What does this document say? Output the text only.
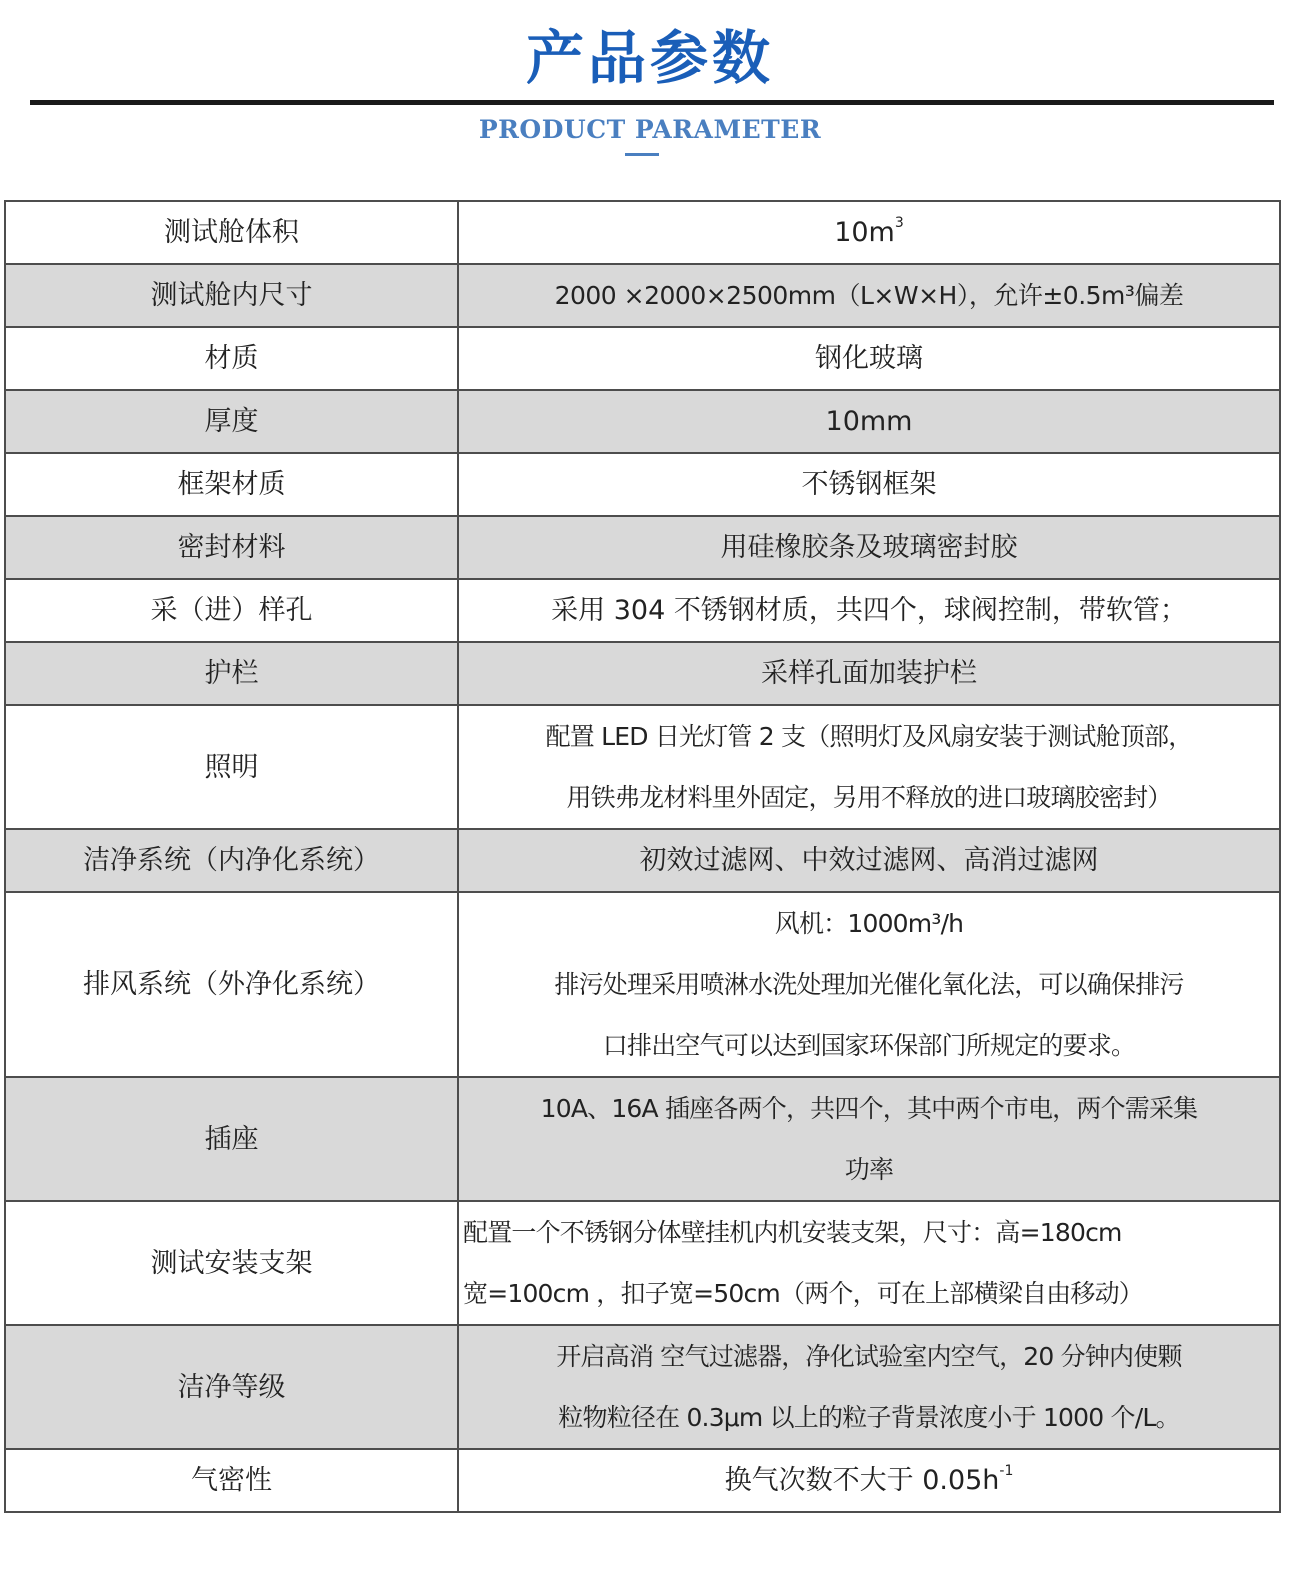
产品参数
PRODUCT PARAMETER
测试舱体积	$10m^3$
测试舱内尺寸	2000 ×2000×2500mm（L×W×H），允许±0.5m³偏差
材质	钢化玻璃
厚度	10mm
框架材质	不锈钢框架
密封材料	用硅橡胶条及玻璃密封胶
采（进）样孔	采用 304 不锈钢材质，共四个，球阀控制，带软管；
护栏	采样孔面加装护栏
照明	配置 LED 日光灯管 2 支（照明灯及风扇安装于测试舱顶部，
用铁弗龙材料里外固定，另用不释放的进口玻璃胶密封）

洁净系统（内净化系统）	初效过滤网、中效过滤网、高消过滤网
排风系统（外净化系统）	风机：1000m³/h
排污处理采用喷淋水洗处理加光催化氧化法，可以确保排污
口排出空气可以达到国家环保部门所规定的要求。

插座	10A、16A 插座各两个，共四个，其中两个市电，两个需采集
功率

测试安装支架	配置一个不锈钢分体壁挂机内机安装支架，尺寸：高=180cm
宽=100cm ，扣子宽=50cm（两个，可在上部横梁自由移动）

洁净等级	开启高消 空气过滤器，净化试验室内空气，20 分钟内使颗
粒物粒径在 0.3μm 以上的粒子背景浓度小于 1000 个/L。

气密性	换气次数不大于 $0.05h^{-1}$
